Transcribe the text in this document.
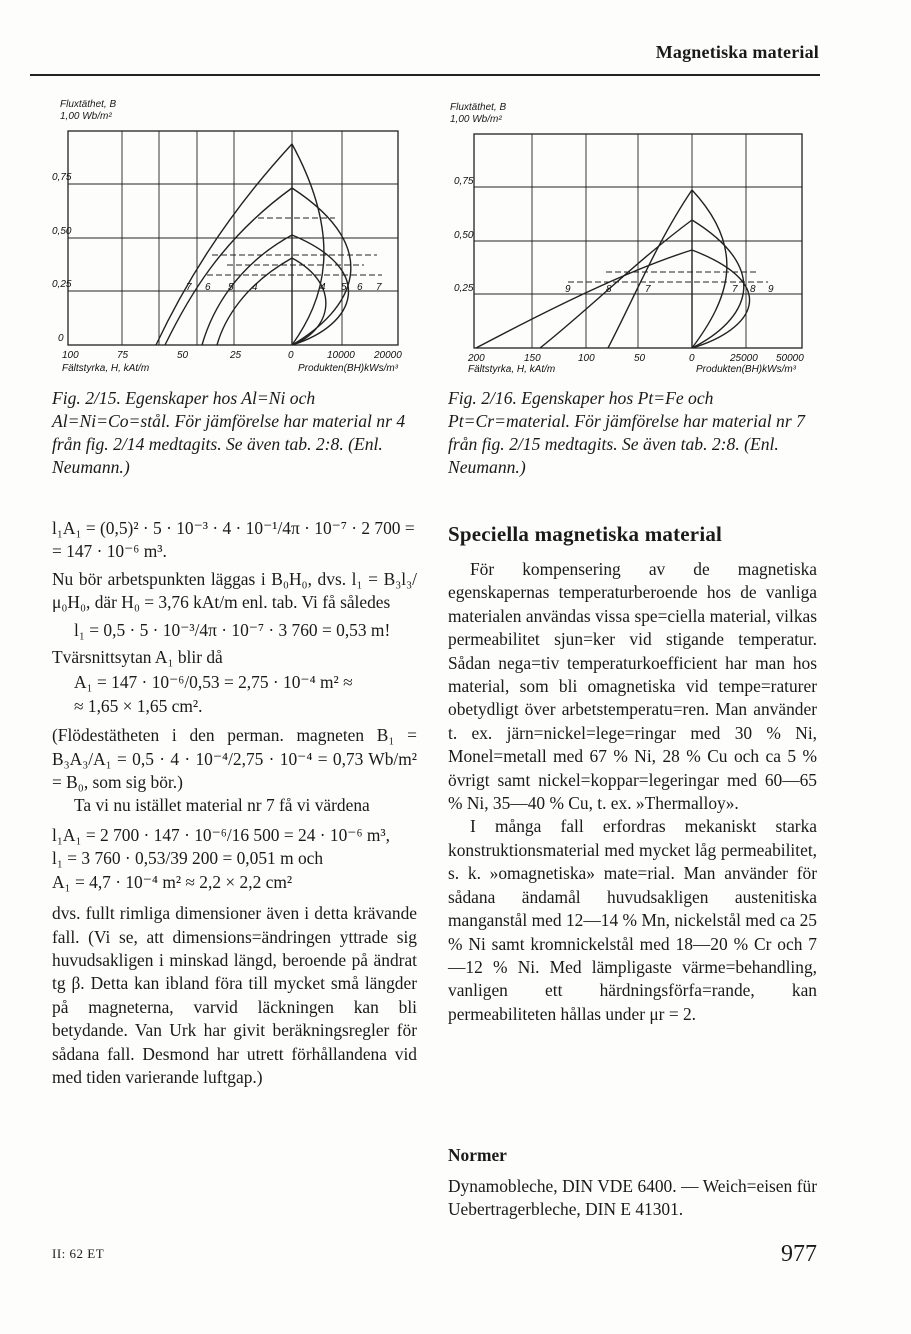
Magnetiska material
Fluxtäthet, B
1,00 Wb/m²
0,75
0,50
0,25
0
100	75	50	25	0	10000 20000
7 6 5 4	4 5 6 7
Fältstyrka, H, kAt/m	Produkten(BH)kWs/m³
Fig. 2/15. Egenskaper hos Al=Ni och Al=Ni=Co=stål. För jämförelse har material nr 4 från fig. 2/14 medtagits. Se även tab. 2:8. (Enl. Neumann.)
Fluxtäthet, B
1,00 Wb/m²
0,75
0,50
0,25
200	150	100	50	0	25000 50000
9	8	7	7 8 9
Fältstyrka, H, kAt/m	Produkten(BH)kWs/m³
Fig. 2/16. Egenskaper hos Pt=Fe och Pt=Cr=material. För jämförelse har material nr 7 från fig. 2/15 medtagits. Se även tab. 2:8. (Enl. Neumann.)

l₁A₁ = (0,5)² · 5 · 10⁻³ · 4 · 10⁻¹/4π · 10⁻⁷ · 2 700 =

= 147 · 10⁻⁶ m³.

Nu bör arbetspunkten läggas i B₀H₀, dvs. l₁ = B₃l₃/μ₀H₀, där H₀ = 3,76 kAt/m enl. tab. Vi få således

l₁ = 0,5 · 5 · 10⁻³/4π · 10⁻⁷ · 3 760 = 0,53 m!

Tvärsnittsytan A₁ blir då

A₁ = 147 · 10⁻⁶/0,53 = 2,75 · 10⁻⁴ m² ≈

≈ 1,65 × 1,65 cm².

(Flödestätheten i den perman. magneten B₁ = B₃A₃/A₁ = 0,5 · 4 · 10⁻⁴/2,75 · 10⁻⁴ = 0,73 Wb/m² = B₀, som sig bör.)

Ta vi nu istället material nr 7 få vi värdena

l₁A₁ = 2 700 · 147 · 10⁻⁶/16 500 = 24 · 10⁻⁶ m³,

l₁ = 3 760 · 0,53/39 200 = 0,051 m och

A₁ = 4,7 · 10⁻⁴ m² ≈ 2,2 × 2,2 cm²

dvs. fullt rimliga dimensioner även i detta krävande fall. (Vi se, att dimensions=ändringen yttrade sig huvudsakligen i minskad längd, beroende på ändrat tg β. Detta kan ibland föra till mycket små längder på magneterna, varvid läckningen kan bli betydande. Van Urk har givit beräkningsregler för sådana fall. Desmond har utrett förhållandena vid med tiden varierande luftgap.)

Speciella magnetiska material

För kompensering av de magnetiska egenskapernas temperaturberoende hos de vanliga materialen användas vissa spe=ciella material, vilkas permeabilitet sjun=ker vid stigande temperatur. Sådan nega=tiv temperaturkoefficient har man hos material, som bli omagnetiska vid tempe=raturer obetydligt över arbetstemperatu=ren. Man använder t. ex. järn=nickel=lege=ringar med 30 % Ni, Monel=metall med 67 % Ni, 28 % Cu och ca 5 % övrigt samt nickel=koppar=legeringar med 60—65 % Ni, 35—40 % Cu, t. ex. »Thermalloy».

I många fall erfordras mekaniskt starka konstruktionsmaterial med mycket låg permeabilitet, s. k. »omagnetiska» mate=rial. Man använder för sådana ändamål huvudsakligen austenitiska manganstål med 12—14 % Mn, nickelstål med ca 25 % Ni samt kromnickelstål med 18—20 % Cr och 7—12 % Ni. Med lämpligaste värme=behandling, vanligen ett härdningsförfa=rande, kan permeabiliteten hållas under μr = 2.

Normer
Dynamobleche, DIN VDE 6400. — Weich=eisen für Uebertragerbleche, DIN E 41301.
II: 62 ET	977
